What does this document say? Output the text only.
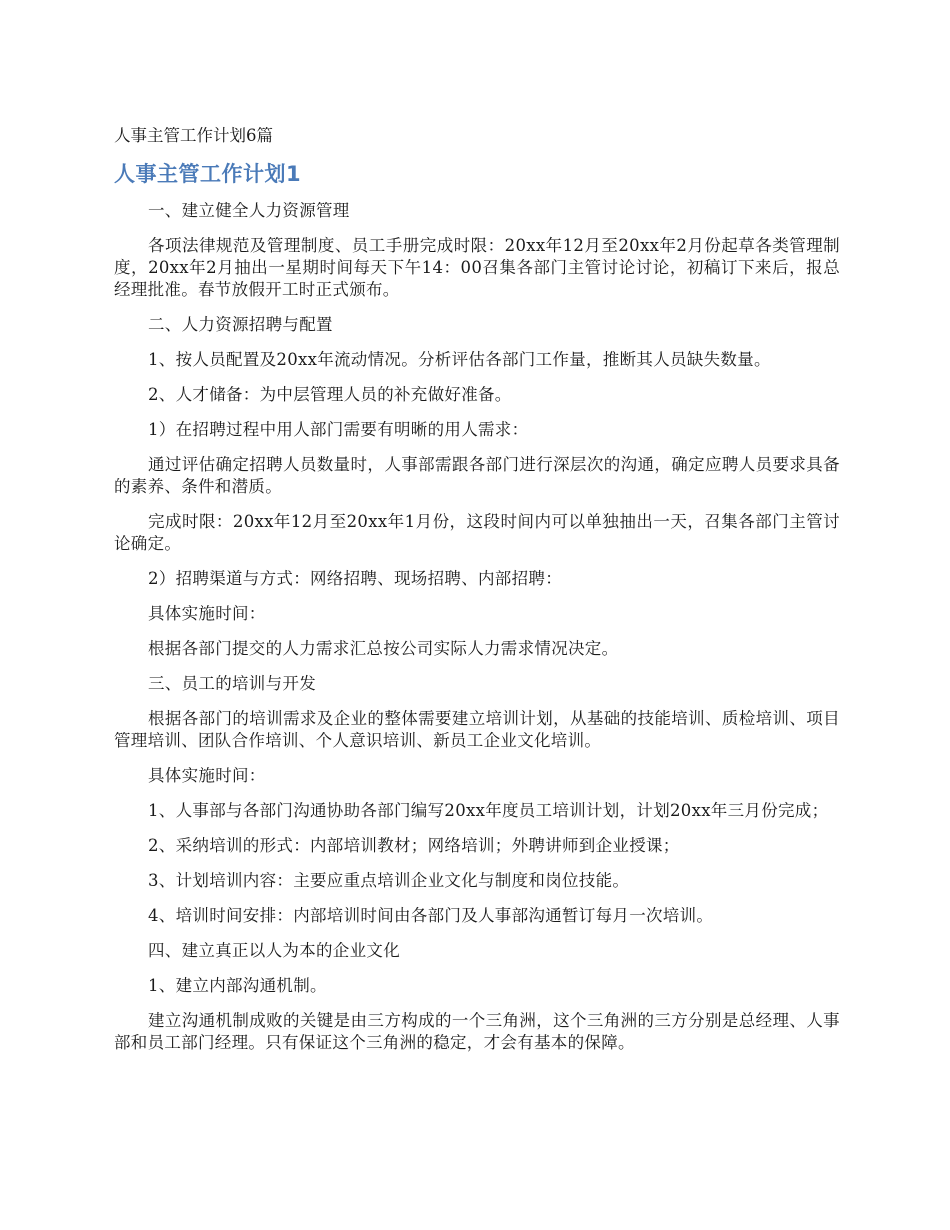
人事主管工作计划6篇
人事主管工作计划1

一、建立健全人力资源管理

各项法律规范及管理制度、员工手册完成时限：20xx年12月至20xx年2月份起草各类管理制度，20xx年2月抽出一星期时间每天下午14：00召集各部门主管讨论讨论，初稿订下来后，报总经理批准。春节放假开工时正式颁布。

二、人力资源招聘与配置

1、按人员配置及20xx年流动情况。分析评估各部门工作量，推断其人员缺失数量。

2、人才储备：为中层管理人员的补充做好准备。

1）在招聘过程中用人部门需要有明晰的用人需求：

通过评估确定招聘人员数量时，人事部需跟各部门进行深层次的沟通，确定应聘人员要求具备的素养、条件和潜质。

完成时限：20xx年12月至20xx年1月份，这段时间内可以单独抽出一天，召集各部门主管讨论确定。

2）招聘渠道与方式：网络招聘、现场招聘、内部招聘：

具体实施时间：

根据各部门提交的人力需求汇总按公司实际人力需求情况决定。

三、员工的培训与开发

根据各部门的培训需求及企业的整体需要建立培训计划，从基础的技能培训、质检培训、项目管理培训、团队合作培训、个人意识培训、新员工企业文化培训。

具体实施时间：

1、人事部与各部门沟通协助各部门编写20xx年度员工培训计划，计划20xx年三月份完成；

2、采纳培训的形式：内部培训教材；网络培训；外聘讲师到企业授课；

3、计划培训内容：主要应重点培训企业文化与制度和岗位技能。

4、培训时间安排：内部培训时间由各部门及人事部沟通暂订每月一次培训。

四、建立真正以人为本的企业文化

1、建立内部沟通机制。

建立沟通机制成败的关键是由三方构成的一个三角洲，这个三角洲的三方分别是总经理、人事部和员工部门经理。只有保证这个三角洲的稳定，才会有基本的保障。
